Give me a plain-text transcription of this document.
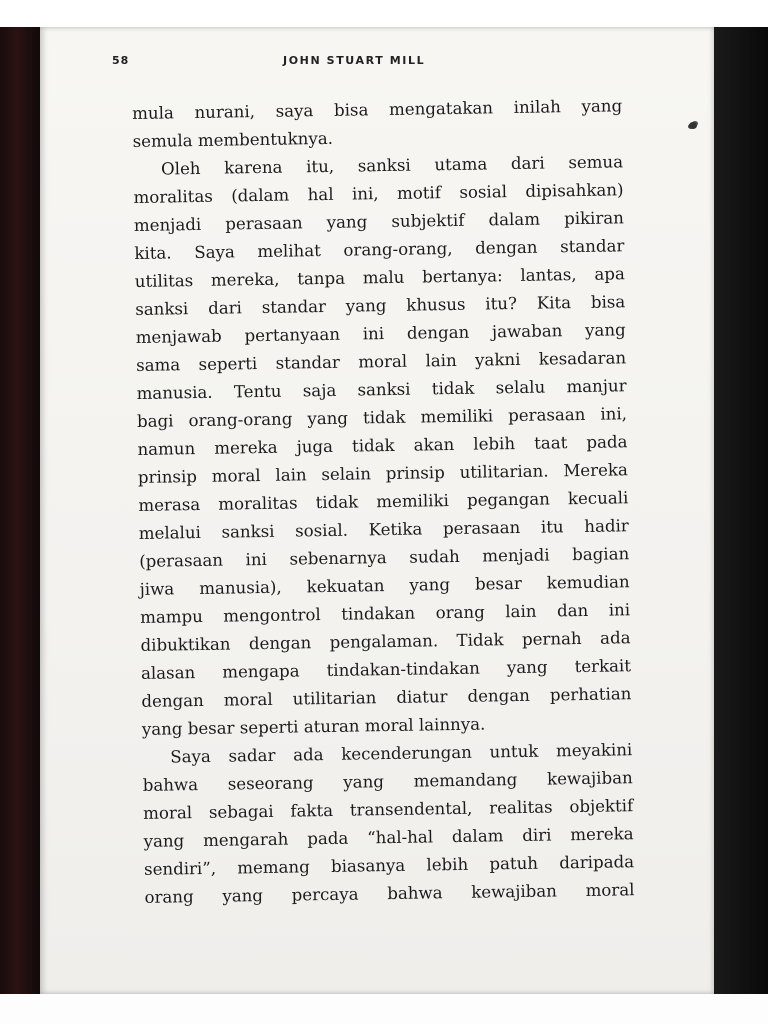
58	JOHN STUART MILL
mula nurani, saya bisa mengatakan inilah yang
semula membentuknya.
Oleh karena itu, sanksi utama dari semua
moralitas (dalam hal ini, motif sosial dipisahkan)
menjadi perasaan yang subjektif dalam pikiran
kita. Saya melihat orang-orang, dengan standar
utilitas mereka, tanpa malu bertanya: lantas, apa
sanksi dari standar yang khusus itu? Kita bisa
menjawab pertanyaan ini dengan jawaban yang
sama seperti standar moral lain yakni kesadaran
manusia. Tentu saja sanksi tidak selalu manjur
bagi orang-orang yang tidak memiliki perasaan ini,
namun mereka juga tidak akan lebih taat pada
prinsip moral lain selain prinsip utilitarian. Mereka
merasa moralitas tidak memiliki pegangan kecuali
melalui sanksi sosial. Ketika perasaan itu hadir
(perasaan ini sebenarnya sudah menjadi bagian
jiwa manusia), kekuatan yang besar kemudian
mampu mengontrol tindakan orang lain dan ini
dibuktikan dengan pengalaman. Tidak pernah ada
alasan mengapa tindakan-tindakan yang terkait
dengan moral utilitarian diatur dengan perhatian
yang besar seperti aturan moral lainnya.
Saya sadar ada kecenderungan untuk meyakini
bahwa seseorang yang memandang kewajiban
moral sebagai fakta transendental, realitas objektif
yang mengarah pada “hal-hal dalam diri mereka
sendiri”, memang biasanya lebih patuh daripada
orang yang percaya bahwa kewajiban moral
